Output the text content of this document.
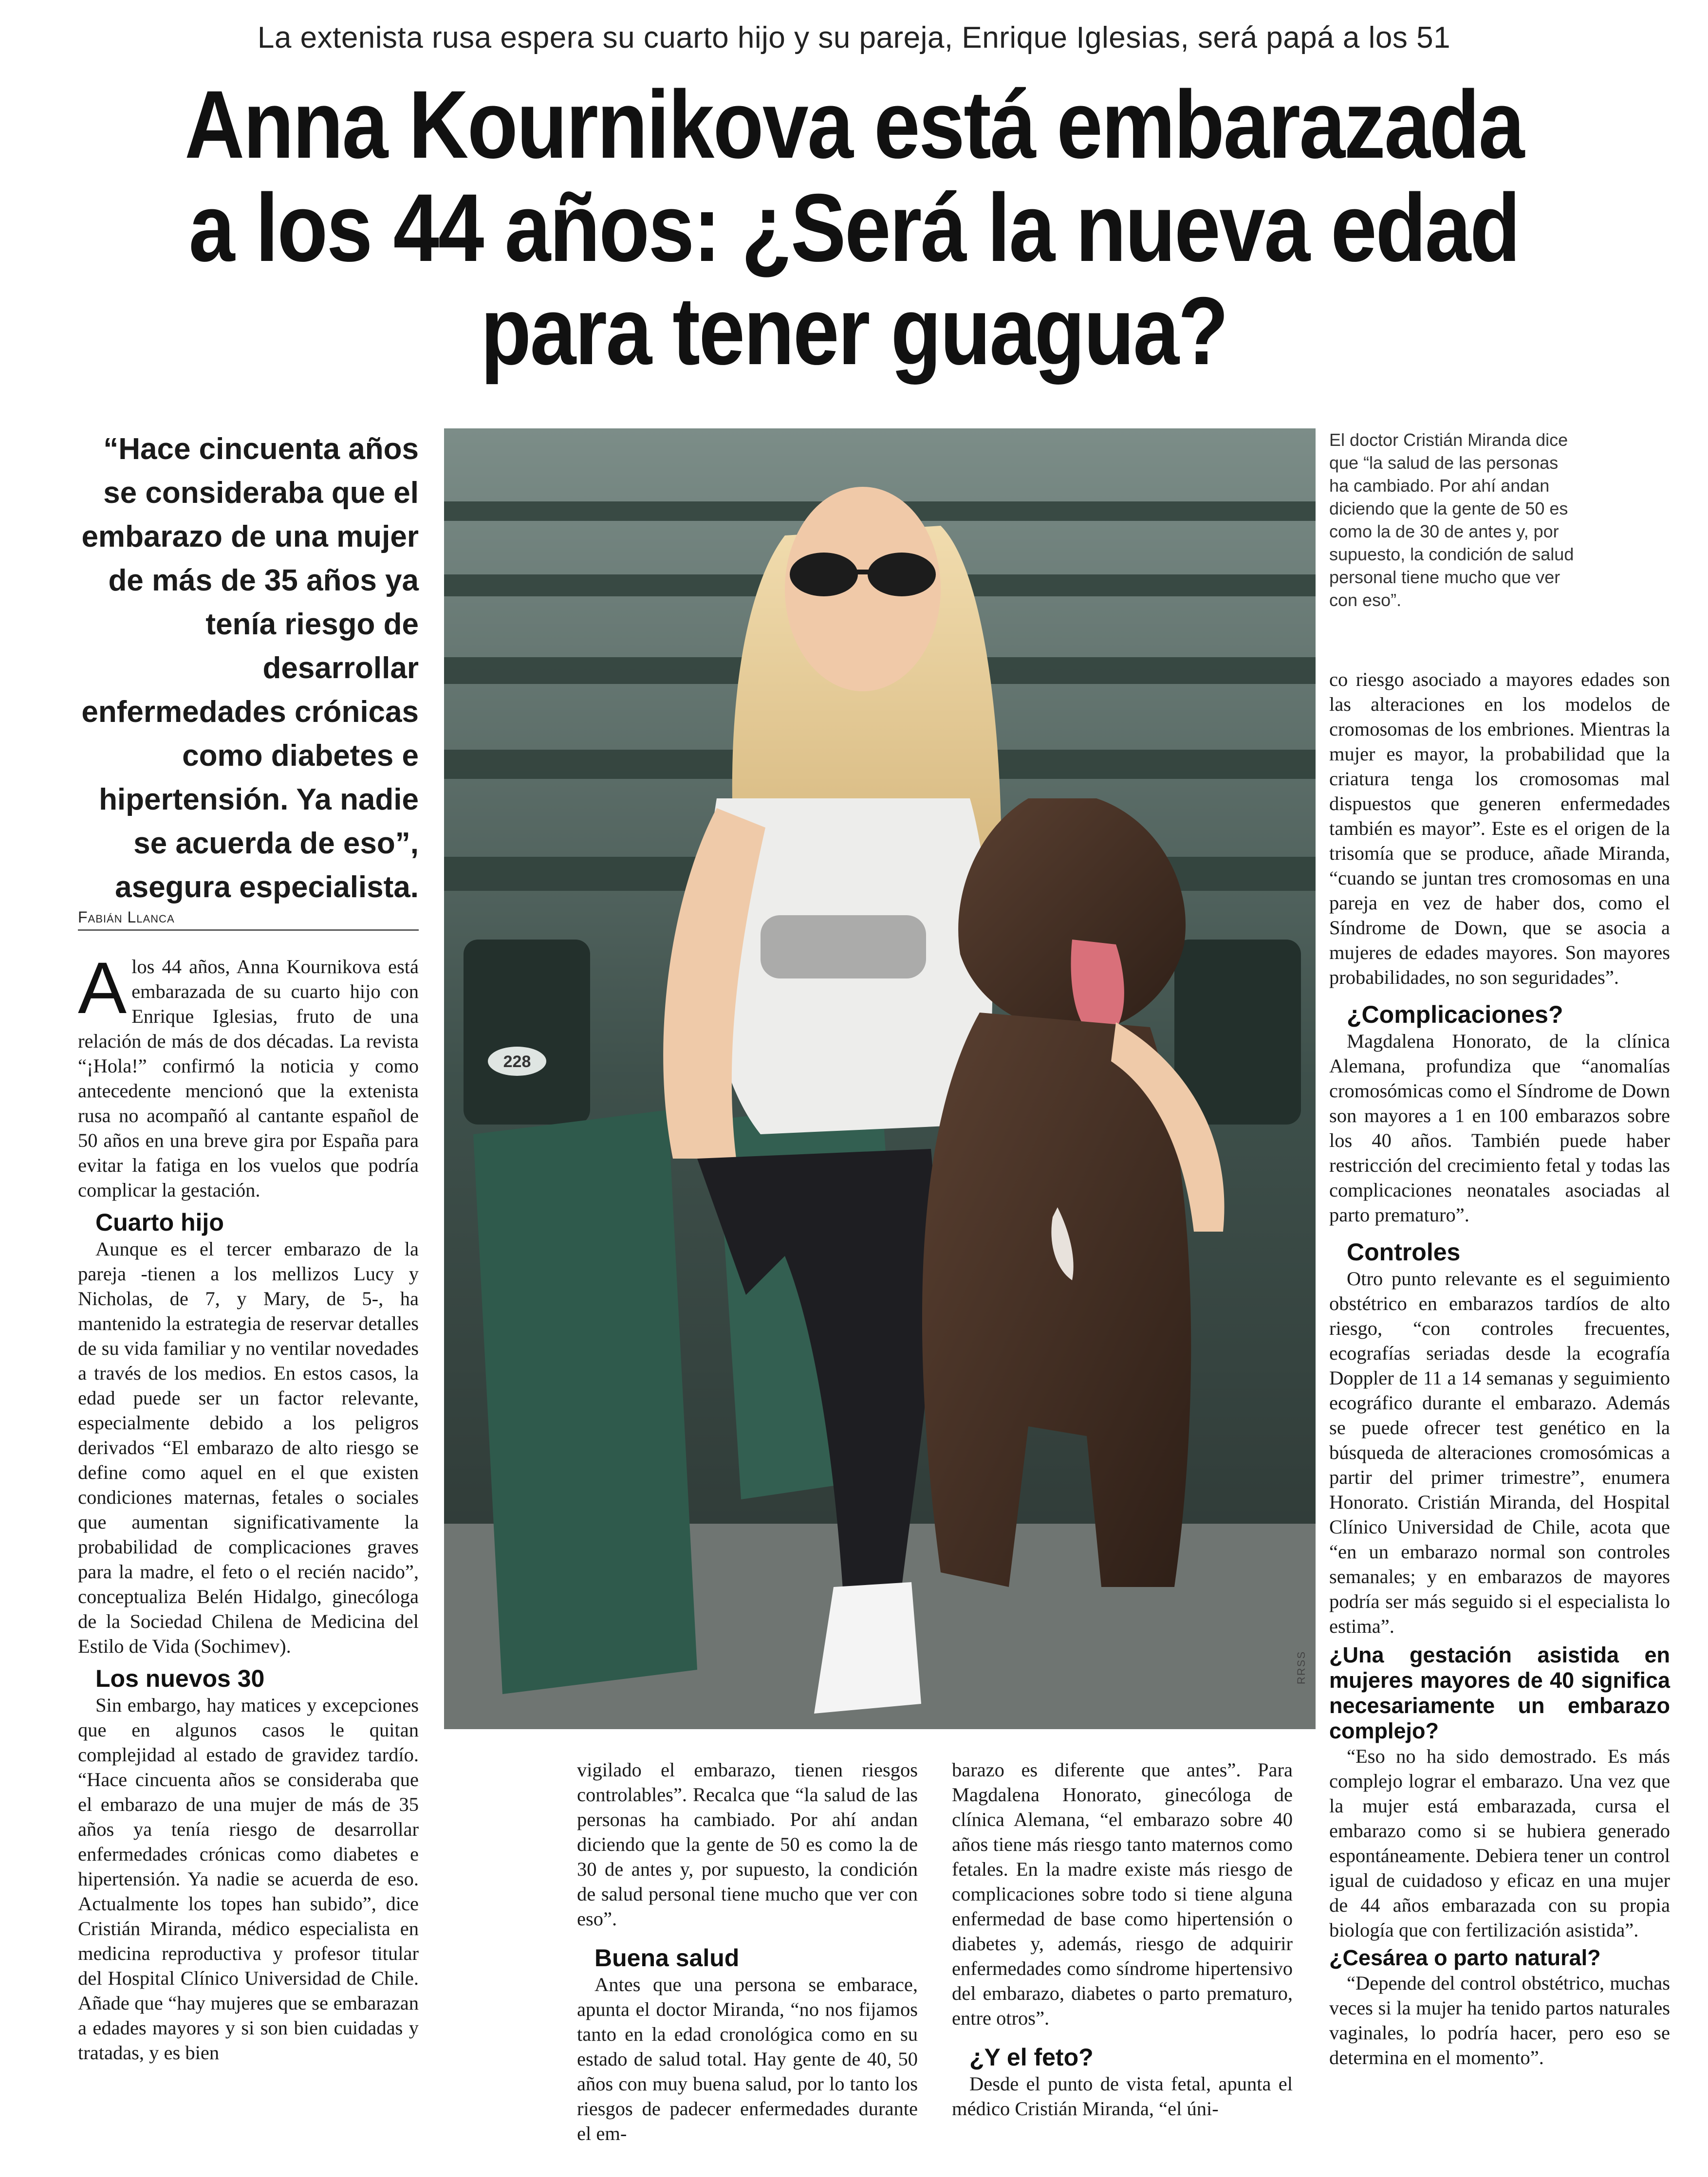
La extenista rusa espera su cuarto hijo y su pareja, Enrique Iglesias, será papá a los 51
Anna Kournikova está embarazada
a los 44 años: ¿Será la nueva edad
para tener guagua?
“Hace cincuenta años se consideraba que el embarazo de una mujer de más de 35 años ya tenía riesgo de desarrollar enfermedades crónicas como diabetes e hipertensión. Ya nadie se acuerda de eso”, asegura especialista.
Fabián Llanca
228
RRSS
El doctor Cristián Miranda dice que “la salud de las personas ha cambiado. Por ahí andan diciendo que la gente de 50 es como la de 30 de antes y, por supuesto, la condición de salud personal tiene mucho que ver con eso”.

Alos 44 años, Anna Kournikova está embarazada de su cuarto hijo con Enrique Iglesias, fruto de una relación de más de dos décadas. La revista “¡Hola!” confirmó la noticia y como antecedente mencionó que la extenista rusa no acompañó al cantante español de 50 años en una breve gira por España para evitar la fatiga en los vuelos que podría complicar la gestación.

Cuarto hijo

Aunque es el tercer embarazo de la pareja -tienen a los mellizos Lucy y Nicholas, de 7, y Mary, de 5-, ha mantenido la estrategia de reservar detalles de su vida familiar y no ventilar novedades a través de los medios. En estos casos, la edad puede ser un factor relevante, especialmente debido a los peligros derivados “El embarazo de alto riesgo se define como aquel en el que existen condiciones maternas, fetales o sociales que aumentan significativamente la probabilidad de complicaciones graves para la madre, el feto o el recién nacido”, conceptualiza Belén Hidalgo, ginecóloga de la Sociedad Chilena de Medicina del Estilo de Vida (Sochimev).

Los nuevos 30

Sin embargo, hay matices y excepciones que en algunos casos le quitan complejidad al estado de gravidez tardío. “Hace cincuenta años se consideraba que el embarazo de una mujer de más de 35 años ya tenía riesgo de desarrollar enfermedades crónicas como diabetes e hipertensión. Ya nadie se acuerda de eso. Actualmente los topes han subido”, dice Cristián Miranda, médico especialista en medicina reproductiva y profesor titular del Hospital Clínico Universidad de Chile. Añade que “hay mujeres que se embarazan a edades mayores y si son bien cuidadas y tratadas, y es bien

vigilado el embarazo, tienen riesgos controlables”. Recalca que “la salud de las personas ha cambiado. Por ahí andan diciendo que la gente de 50 es como la de 30 de antes y, por supuesto, la condición de salud personal tiene mucho que ver con eso”.

Buena salud

Antes que una persona se embarace, apunta el doctor Miranda, “no nos fijamos tanto en la edad cronológica como en su estado de salud total. Hay gente de 40, 50 años con muy buena salud, por lo tanto los riesgos de padecer enfermedades durante el em-

barazo es diferente que antes”. Para Magdalena Honorato, ginecóloga de clínica Alemana, “el embarazo sobre 40 años tiene más riesgo tanto maternos como fetales. En la madre existe más riesgo de complicaciones sobre todo si tiene alguna enfermedad de base como hipertensión o diabetes y, además, riesgo de adquirir enfermedades como síndrome hipertensivo del embarazo, diabetes o parto prematuro, entre otros”.

¿Y el feto?

Desde el punto de vista fetal, apunta el médico Cristián Miranda, “el úni-

co riesgo asociado a mayores edades son las alteraciones en los modelos de cromosomas de los embriones. Mientras la mujer es mayor, la probabilidad que la criatura tenga los cromosomas mal dispuestos que generen enfermedades también es mayor”. Este es el origen de la trisomía que se produce, añade Miranda, “cuando se juntan tres cromosomas en una pareja en vez de haber dos, como el Síndrome de Down, que se asocia a mujeres de edades mayores. Son mayores probabilidades, no son seguridades”.

¿Complicaciones?

Magdalena Honorato, de la clínica Alemana, profundiza que “anomalías cromosómicas como el Síndrome de Down son mayores a 1 en 100 embarazos sobre los 40 años. También puede haber restricción del crecimiento fetal y todas las complicaciones neonatales asociadas al parto prematuro”.

Controles

Otro punto relevante es el seguimiento obstétrico en embarazos tardíos de alto riesgo, “con controles frecuentes, ecografías seriadas desde la ecografía Doppler de 11 a 14 semanas y seguimiento ecográfico durante el embarazo. Además se puede ofrecer test genético en la búsqueda de alteraciones cromosómicas a partir del primer trimestre”, enumera Honorato. Cristián Miranda, del Hospital Clínico Universidad de Chile, acota que “en un embarazo normal son controles semanales; y en embarazos de mayores podría ser más seguido si el especialista lo estima”.

¿Una gestación asistida en mujeres mayores de 40 significa necesariamente un embarazo complejo?

“Eso no ha sido demostrado. Es más complejo lograr el embarazo. Una vez que la mujer está embarazada, cursa el embarazo como si se hubiera generado espontáneamente. Debiera tener un control igual de cuidadoso y eficaz en una mujer de 44 años embarazada con su propia biología que con fertilización asistida”.

¿Cesárea o parto natural?

“Depende del control obstétrico, muchas veces si la mujer ha tenido partos naturales vaginales, lo podría hacer, pero eso se determina en el momento”.
